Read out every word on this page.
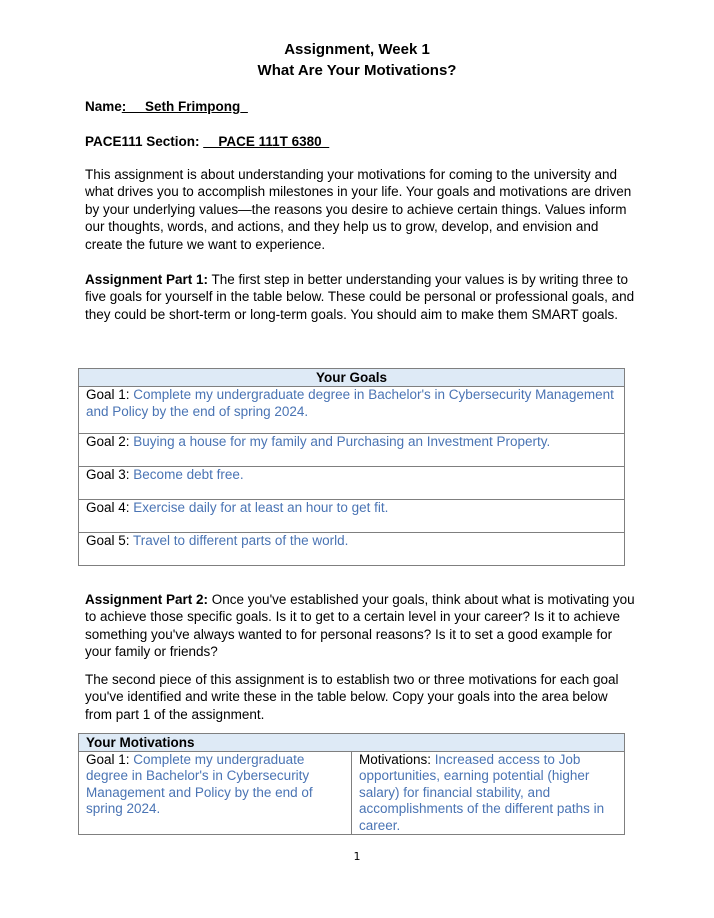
Assignment, Week 1
What Are Your Motivations?
Name: __Seth Frimpong_
PACE111 Section: __PACE 111T 6380_

This assignment is about understanding your motivations for coming to the university and what drives you to accomplish milestones in your life. Your goals and motivations are driven by your underlying values—the reasons you desire to achieve certain things. Values inform our thoughts, words, and actions, and they help us to grow, develop, and envision and create the future we want to experience.

Assignment Part 1: The first step in better understanding your values is by writing three to five goals for yourself in the table below. These could be personal or professional goals, and they could be short-term or long-term goals. You should aim to make them SMART goals.

Your Goals
Goal 1: Complete my undergraduate degree in Bachelor's in Cybersecurity Management and Policy by the end of spring 2024.
Goal 2: Buying a house for my family and Purchasing an Investment Property.
Goal 3: Become debt free.
Goal 4: Exercise daily for at least an hour to get fit.
Goal 5: Travel to different parts of the world.

Assignment Part 2: Once you've established your goals, think about what is motivating you to achieve those specific goals. Is it to get to a certain level in your career? Is it to achieve something you've always wanted to for personal reasons? Is it to set a good example for your family or friends?

The second piece of this assignment is to establish two or three motivations for each goal you've identified and write these in the table below. Copy your goals into the area below from part 1 of the assignment.

Your Motivations
Goal 1: Complete my undergraduate degree in Bachelor's in Cybersecurity Management and Policy by the end of spring 2024.	Motivations: Increased access to Job opportunities, earning potential (higher salary) for financial stability, and accomplishments of the different paths in career.
1
